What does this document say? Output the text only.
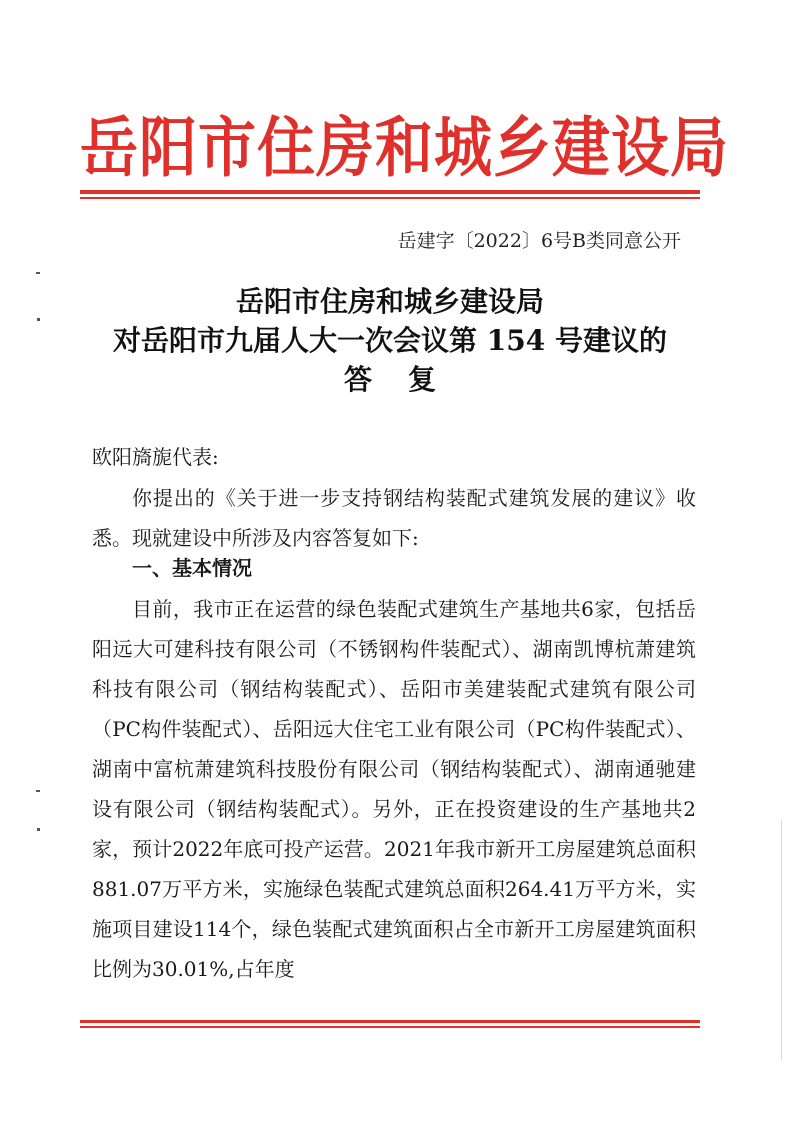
岳阳市住房和城乡建设局
岳建字〔2022〕6号B类同意公开
岳阳市住房和城乡建设局
对岳阳市九届人大一次会议第 154 号建议的
答复
欧阳旖旎代表:

你提出的《关于进一步支持钢结构装配式建筑发展的建议》收悉。现就建设中所涉及内容答复如下:

一、基本情况

目前，我市正在运营的绿色装配式建筑生产基地共6家，包括岳阳远大可建科技有限公司（不锈钢构件装配式）、湖南凯博杭萧建筑科技有限公司（钢结构装配式）、岳阳市美建装配式建筑有限公司（PC构件装配式）、岳阳远大住宅工业有限公司（PC构件装配式）、湖南中富杭萧建筑科技股份有限公司（钢结构装配式）、湖南通驰建设有限公司（钢结构装配式）。另外，正在投资建设的生产基地共2家，预计2022年底可投产运营。2021年我市新开工房屋建筑总面积881.07万平方米，实施绿色装配式建筑总面积264.41万平方米，实施项目建设114个，绿色装配式建筑面积占全市新开工房屋建筑面积比例为30.01%,占年度
